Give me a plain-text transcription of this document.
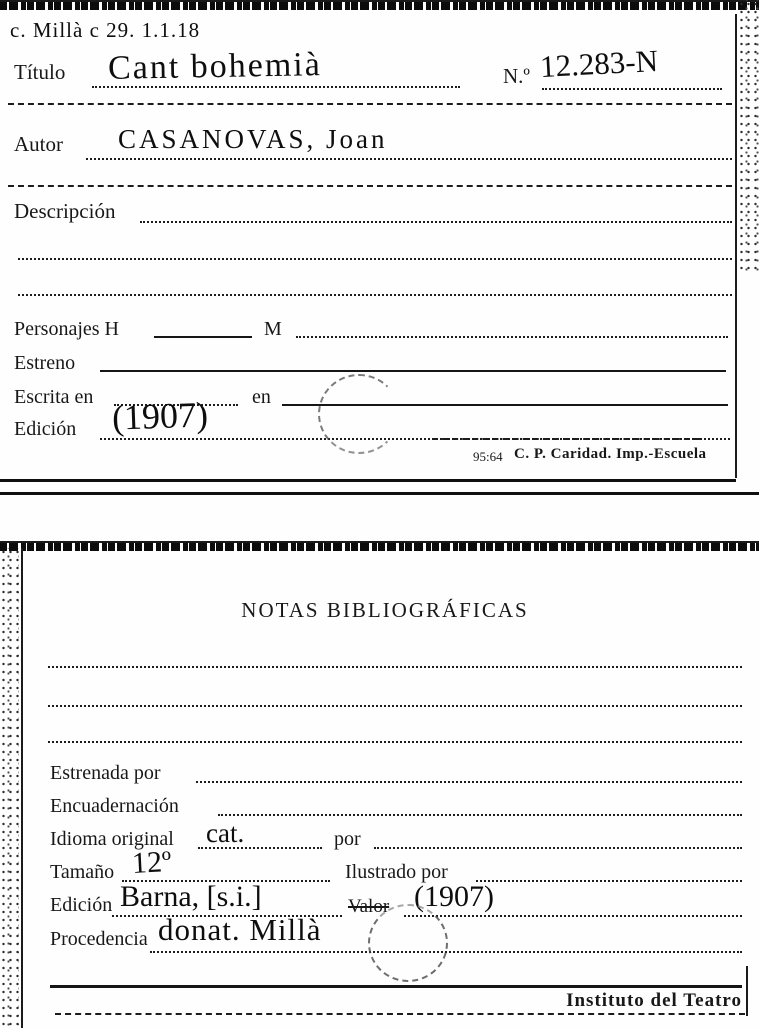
c. Millà c 29. 1.1.18
Título Cant bohemià	N.º 12.283-N
Autor CASANOVAS, Joan
Descripción
Personajes H	M
Estreno
Escrita en	en
Edición (1907)
95:64 C. P. Caridad. Imp.-Escuela
NOTAS BIBLIOGRÁFICAS
Estrenada por
Encuadernación
Idioma original cat.	por
Tamaño 12º	Ilustrado por
Edición Barna, [s.i.]	Valor (1907)
Procedencia donat. Millà
Instituto del Teatro
